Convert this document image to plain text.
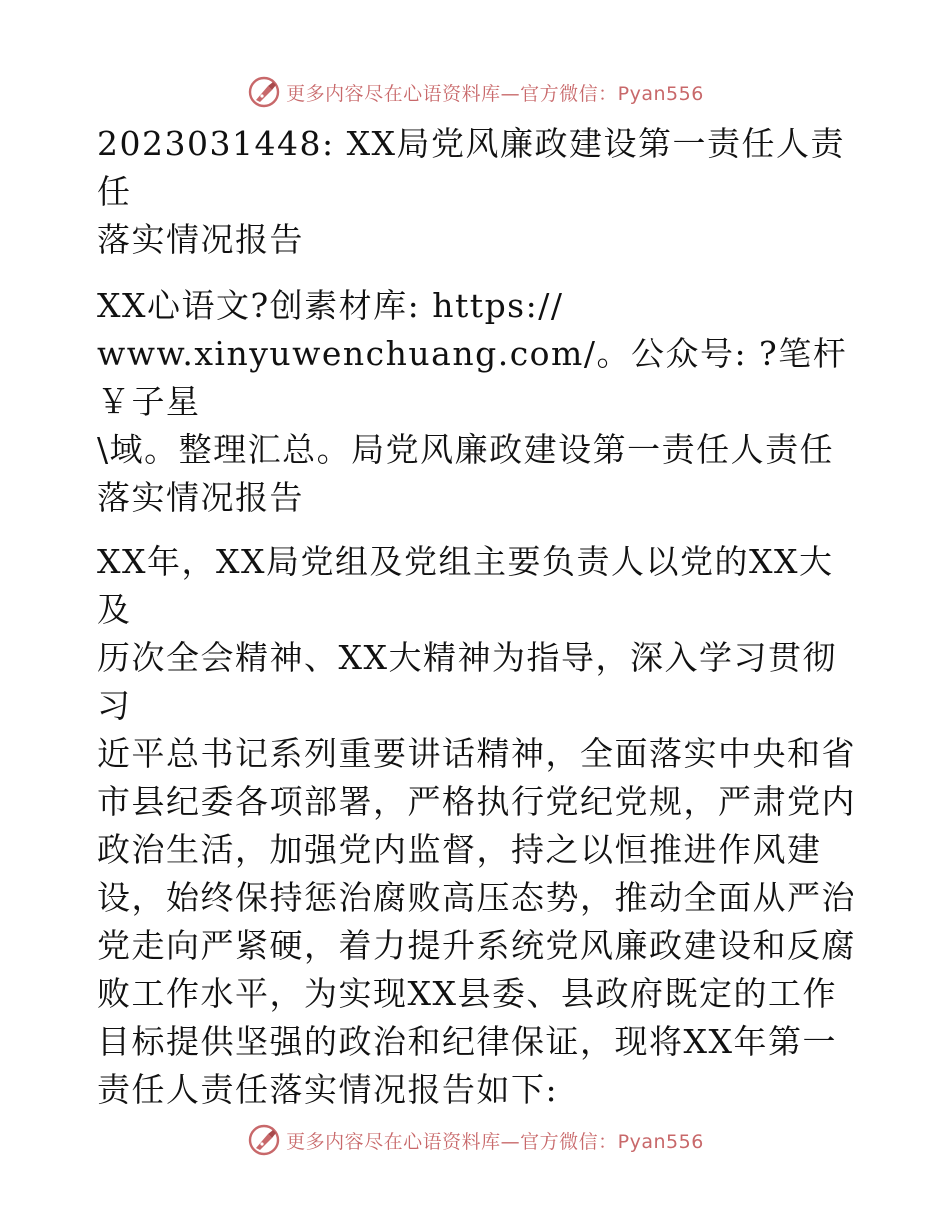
更多内容尽在心语资料库—官方微信：Pyan556
2023031448: XX局党风廉政建设第一责任人责任
落实情况报告
XX心语文?创素材库: https://
www.xinyuwenchuang.com/。公众号: ?笔杆￥子星
\域。整理汇总。局党风廉政建设第一责任人责任
落实情况报告
XX年，XX局党组及党组主要负责人以党的XX大及
历次全会精神、XX大精神为指导，深入学习贯彻习
近平总书记系列重要讲话精神，全面落实中央和省
市县纪委各项部署，严格执行党纪党规，严肃党内
政治生活，加强党内监督，持之以恒推进作风建
设，始终保持惩治腐败高压态势，推动全面从严治
党走向严紧硬，着力提升系统党风廉政建设和反腐
败工作水平，为实现XX县委、县政府既定的工作
目标提供坚强的政治和纪律保证，现将XX年第一
责任人责任落实情况报告如下:
更多内容尽在心语资料库—官方微信：Pyan556
